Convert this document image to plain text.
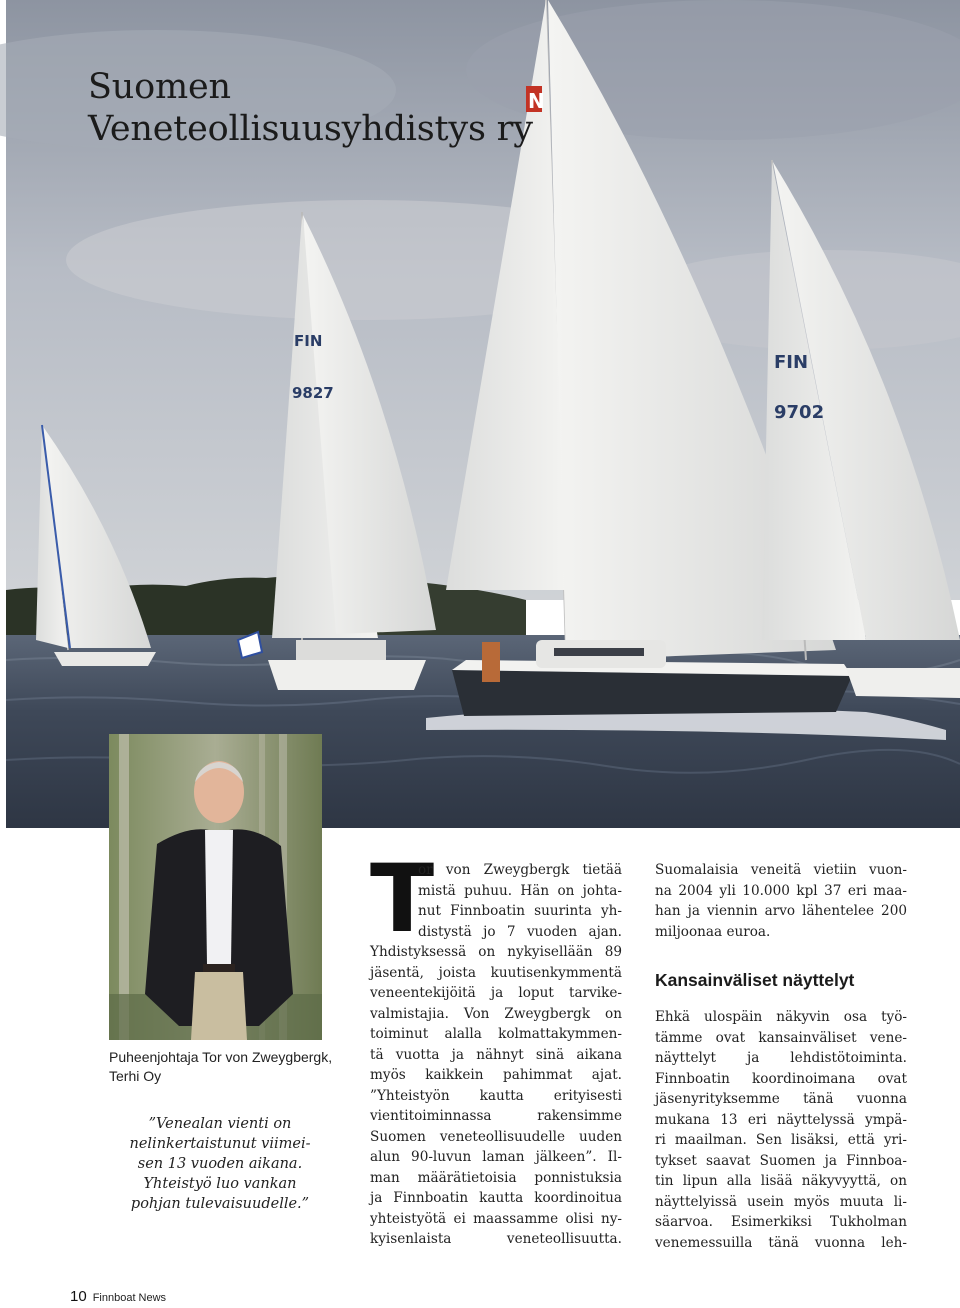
FIN
9827
FIN
9702
N
Suomen
Veneteollisuusyhdistys ry
Puheenjohtaja Tor von Zweygbergk,
Terhi Oy
”Venealan vienti on
nelinkertaistunut viimei-
sen 13 vuoden aikana.
Yhteistyö luo vankan
pohjan tulevaisuudelle.”
T
or von Zweygbergk tietää
mistä puhuu. Hän on johta-
nut Finnboatin suurinta yh-
distystä jo 7 vuoden ajan.
Yhdistyksessä on nykyisellään 89
jäsentä, joista kuutisenkymmentä
veneentekijöitä ja loput tarvike-
valmistajia. Von Zweygbergk on
toiminut alalla kolmattakymmen-
tä vuotta ja nähnyt sinä aikana
myös kaikkein pahimmat ajat.
”Yhteistyön kautta erityisesti
vientitoiminnassa rakensimme
Suomen veneteollisuudelle uuden
alun 90-luvun laman jälkeen”. Il-
man määrätietoisia ponnistuksia
ja Finnboatin kautta koordinoitua
yhteistyötä ei maassamme olisi ny-
kyisenlaista veneteollisuutta.
Suomalaisia veneitä vietiin vuon-
na 2004 yli 10.000 kpl 37 eri maa-
han ja viennin arvo lähentelee 200
miljoonaa euroa.
Kansainväliset näyttelyt
Ehkä ulospäin näkyvin osa työ-
tämme ovat kansainväliset vene-
näyttelyt ja lehdistötoiminta.
Finnboatin koordinoimana ovat
jäsenyrityksemme tänä vuonna
mukana 13 eri näyttelyssä ympä-
ri maailman. Sen lisäksi, että yri-
tykset saavat Suomen ja Finnboa-
tin lipun alla lisää näkyvyyttä, on
näyttelyissä usein myös muuta li-
säarvoa. Esimerkiksi Tukholman
venemessuilla tänä vuonna leh-
10 Finnboat News
